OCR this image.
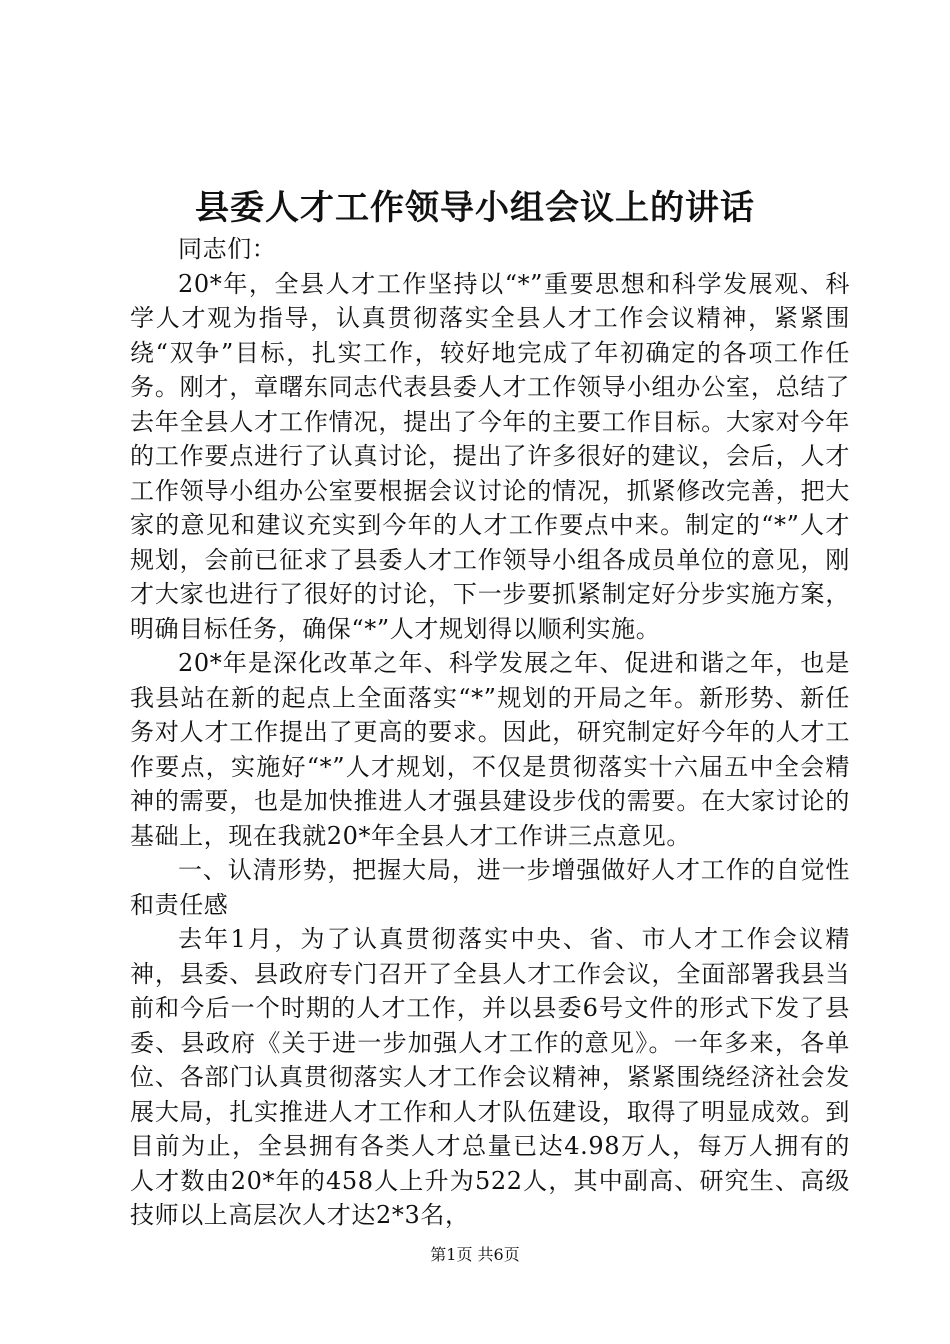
县委人才工作领导小组会议上的讲话

同志们：

20*年，全县人才工作坚持以“*”重要思想和科学发展观、科学人才观为指导，认真贯彻落实全县人才工作会议精神，紧紧围绕“双争”目标，扎实工作，较好地完成了年初确定的各项工作任务。刚才，章曙东同志代表县委人才工作领导小组办公室，总结了去年全县人才工作情况，提出了今年的主要工作目标。大家对今年的工作要点进行了认真讨论，提出了许多很好的建议，会后，人才工作领导小组办公室要根据会议讨论的情况，抓紧修改完善，把大家的意见和建议充实到今年的人才工作要点中来。制定的“*”人才规划，会前已征求了县委人才工作领导小组各成员单位的意见，刚才大家也进行了很好的讨论，下一步要抓紧制定好分步实施方案，明确目标任务，确保“*”人才规划得以顺利实施。

20*年是深化改革之年、科学发展之年、促进和谐之年，也是我县站在新的起点上全面落实“*”规划的开局之年。新形势、新任务对人才工作提出了更高的要求。因此，研究制定好今年的人才工作要点，实施好“*”人才规划，不仅是贯彻落实十六届五中全会精神的需要，也是加快推进人才强县建设步伐的需要。在大家讨论的基础上，现在我就20*年全县人才工作讲三点意见。

一、认清形势，把握大局，进一步增强做好人才工作的自觉性和责任感

去年1月，为了认真贯彻落实中央、省、市人才工作会议精神，县委、县政府专门召开了全县人才工作会议，全面部署我县当前和今后一个时期的人才工作，并以县委6号文件的形式下发了县委、县政府《关于进一步加强人才工作的意见》。一年多来，各单位、各部门认真贯彻落实人才工作会议精神，紧紧围绕经济社会发展大局，扎实推进人才工作和人才队伍建设，取得了明显成效。到目前为止，全县拥有各类人才总量已达4.98万人，每万人拥有的人才数由20*年的458人上升为522人，其中副高、研究生、高级技师以上高层次人才达2*3名，

第1页 共6页
